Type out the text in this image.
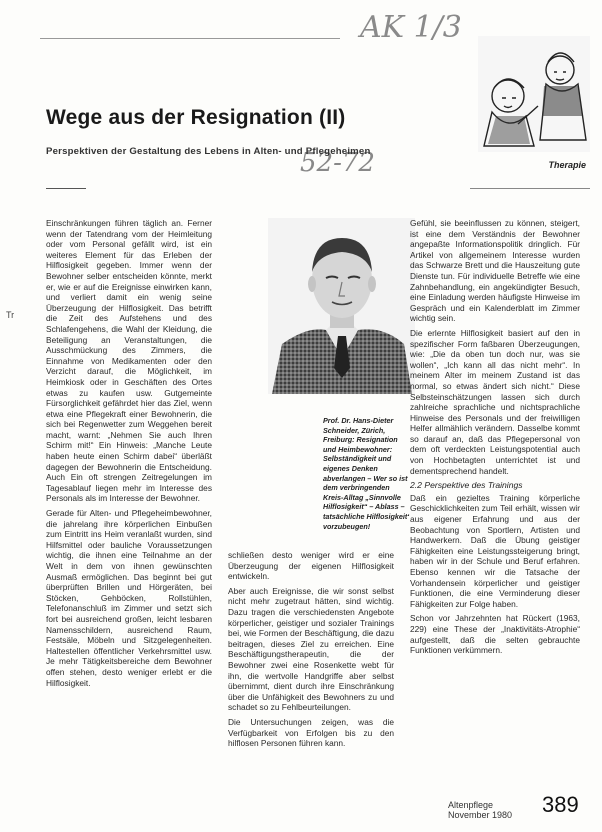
AK 1/3
52-72
Wege aus der Resignation (II)
Perspektiven der Gestaltung des Lebens in Alten- und Pflegeheimen
Therapie

Einschränkungen führen täglich an. Ferner wenn der Tatendrang vom der Heimleitung oder vom Personal gefällt wird, ist ein weiteres Element für das Erleben der Hilflosigkeit gegeben. Immer wenn der Bewohner selber entscheiden könnte, merkt er, wie er auf die Ereignisse einwirken kann, und verliert damit ein wenig seine Überzeugung der Hilflosigkeit. Das betrifft die Zeit des Aufstehens und des Schlafengehens, die Wahl der Kleidung, die Beteiligung an Veranstaltungen, die Ausschmückung des Zimmers, die Einnahme von Medikamenten oder den Verzicht darauf, die Möglichkeit, im Heimkiosk oder in Geschäften des Ortes etwas zu kaufen usw. Gutgemeinte Fürsorglichkeit gefährdet hier das Ziel, wenn etwa eine Pflegekraft einer Bewohnerin, die sich bei Regenwetter zum Weggehen bereit macht, warnt: „Nehmen Sie auch Ihren Schirm mit!“ Ein Hinweis: „Manche Leute haben heute einen Schirm dabei“ überläßt dagegen der Bewohnerin die Entscheidung. Auch Ein oft strengen Zeitregelungen im Tagesablauf liegen mehr im Interesse des Personals als im Interesse der Bewohner.

Gerade für Alten- und Pflegeheimbewohner, die jahrelang ihre körperlichen Einbußen zum Eintritt ins Heim veranlaßt wurden, sind Hilfsmittel oder bauliche Voraussetzungen wichtig, die ihnen eine Teilnahme an der Welt in dem von ihnen gewünschten Ausmaß ermöglichen. Das beginnt bei gut überprüften Brillen und Hörgeräten, bei Stöcken, Gehböcken, Rollstühlen, Telefonanschluß im Zimmer und setzt sich fort bei ausreichend großen, leicht lesbaren Namensschildern, ausreichend Raum, Festsäle, Möbeln und Sitzgelegenheiten. Haltestellen öffentlicher Verkehrsmittel usw. Je mehr Tätigkeitsbereiche dem Bewohner offen stehen, desto weniger erlebt er die Hilflosigkeit.

Tr
Prof. Dr. Hans-Dieter Schneider, Zürich, Freiburg: Resignation und Heimbewohner: Selbständigkeit und eigenes Denken abverlangen – Wer so ist dem verbringenden Kreis-Alltag „Sinnvolle Hilflosigkeit“ – Ablass – tatsächliche Hilflosigkeit‘ vorzubeugen!

schließen desto weniger wird er eine Überzeugung der eigenen Hilflosigkeit entwickeln.

Aber auch Ereignisse, die wir sonst selbst nicht mehr zugetraut hätten, sind wichtig. Dazu tragen die verschiedensten Angebote körperlicher, geistiger und sozialer Trainings bei, wie Formen der Beschäftigung, die dazu beitragen, dieses Ziel zu erreichen. Eine Beschäftigungstherapeutin, die der Bewohner zwei eine Rosenkette webt für ihn, die wertvolle Handgriffe aber selbst übernimmt, dient durch ihre Einschränkung über die Unfähigkeit des Bewohners zu und schadet so zu Fehlbeurteilungen.

Die Untersuchungen zeigen, was die Verfügbarkeit von Erfolgen bis zu den hilflosen Personen führen kann.

Gefühl, sie beeinflussen zu können, steigert, ist eine dem Verständnis der Bewohner angepaßte Informationspolitik dringlich. Für Artikel von allgemeinem Interesse wurden das Schwarze Brett und die Hauszeitung gute Dienste tun. Für individuelle Betreffe wie eine Zahnbehandlung, ein angekündigter Besuch, eine Einladung werden häufigste Hinweise im Gespräch und ein Kalenderblatt im Zimmer wichtig sein.

Die erlernte Hilflosigkeit basiert auf den in spezifischer Form faßbaren Überzeugungen, wie: „Die da oben tun doch nur, was sie wollen“, „Ich kann all das nicht mehr“. In meinem Alter im meinem Zustand ist das normal, so etwas ändert sich nicht.“ Diese Selbsteinschätzungen lassen sich durch zahlreiche sprachliche und nichtsprachliche Hinweise des Personals und der freiwilligen Helfer allmählich verändern. Dasselbe kommt so darauf an, daß das Pflegepersonal von dem oft verdeckten Leistungspotential auch von Hochbetagten unterrichtet ist und dementsprechend handelt.

2.2 Perspektive des Trainings

Daß ein gezieltes Training körperliche Geschicklichkeiten zum Teil erhält, wissen wir aus eigener Erfahrung und aus der Beobachtung von Sportlern, Artisten und Handwerkern. Daß die Übung geistiger Fähigkeiten eine Leistungssteigerung bringt, haben wir in der Schule und Beruf erfahren. Ebenso kennen wir die Tatsache der Vorhandensein körperlicher und geistiger Funktionen, die eine Verminderung dieser Fähigkeiten zur Folge haben.

Schon vor Jahrzehnten hat Rückert (1963, 229) eine These der „Inaktivitäts-Atrophie“ aufgestellt, daß die selten gebrauchte Funktionen verkümmern.

Altenpflege
November 1980 389
